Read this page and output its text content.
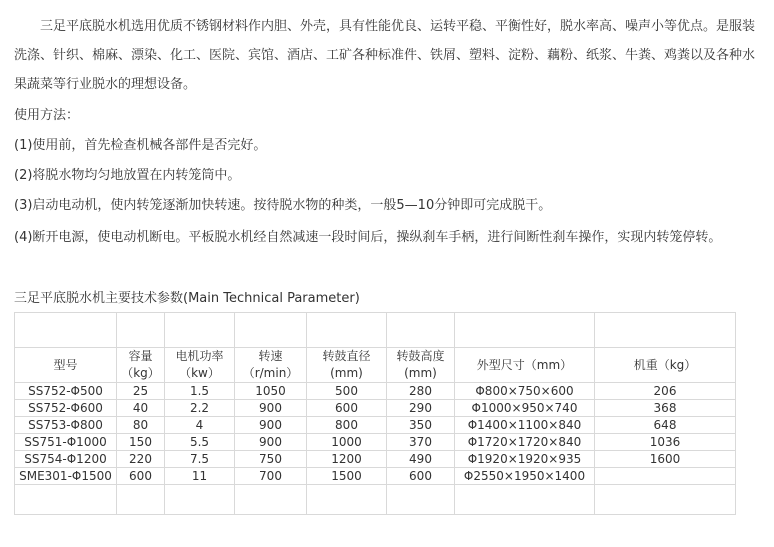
三足平底脱水机选用优质不锈钢材料作内胆、外壳，具有性能优良、运转平稳、平衡性好，脱水率高、噪声小等优点。是服装洗涤、针织、棉麻、漂染、化工、医院、宾馆、酒店、工矿各种标准件、铁屑、塑料、淀粉、藕粉、纸浆、牛粪、鸡粪以及各种水果蔬菜等行业脱水的理想设备。

使用方法：

(1)使用前，首先检查机械各部件是否完好。

(2)将脱水物均匀地放置在内转笼筒中。

(3)启动电动机，使内转笼逐渐加快转速。按待脱水物的种类，一般5—10分钟即可完成脱干。

(4)断开电源，使电动机断电。平板脱水机经自然减速一段时间后，操纵刹车手柄，进行间断性刹车操作，实现内转笼停转。

三足平底脱水机主要技术参数(Main Technical Parameter)

型号	容量（kg）	电机功率（kw）	转速（r/min）	转鼓直径(mm)	转鼓高度(mm)	外型尺寸（mm）	机重（kg）
SS752-Φ500	25	1.5	1050	500	280	Φ800×750×600	206
SS752-Φ600	40	2.2	900	600	290	Φ1000×950×740	368
SS753-Φ800	80	4	900	800	350	Φ1400×1100×840	648
SS751-Φ1000	150	5.5	900	1000	370	Φ1720×1720×840	1036
SS754-Φ1200	220	7.5	750	1200	490	Φ1920×1920×935	1600
SME301-Φ1500	600	11	700	1500	600	Φ2550×1950×1400	
